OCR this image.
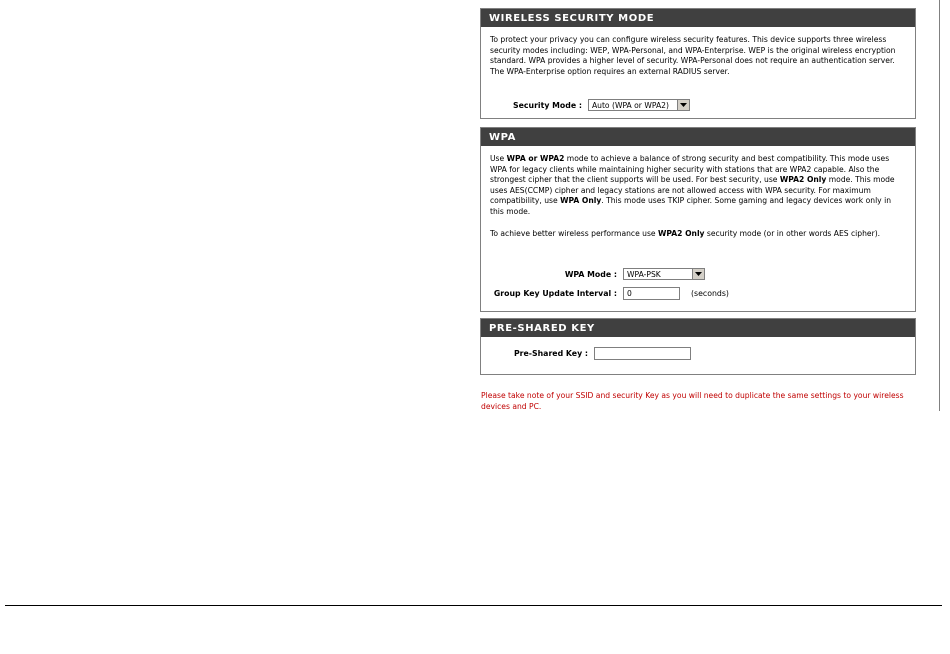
WIRELESS SECURITY MODE
To protect your privacy you can configure wireless security features. This device supports three wireless security modes including: WEP, WPA-Personal, and WPA-Enterprise. WEP is the original wireless encryption standard. WPA provides a higher level of security. WPA-Personal does not require an authentication server. The WPA-Enterprise option requires an external RADIUS server.
Security Mode :	Auto (WPA or WPA2)
WPA
Use WPA or WPA2 mode to achieve a balance of strong security and best compatibility. This mode uses WPA for legacy clients while maintaining higher security with stations that are WPA2 capable. Also the strongest cipher that the client supports will be used. For best security, use WPA2 Only mode. This mode uses AES(CCMP) cipher and legacy stations are not allowed access with WPA security. For maximum compatibility, use WPA Only. This mode uses TKIP cipher. Some gaming and legacy devices work only in this mode.
To achieve better wireless performance use WPA2 Only security mode (or in other words AES cipher).
WPA Mode :	WPA-PSK
Group Key Update Interval :	0	(seconds)
PRE-SHARED KEY
Pre-Shared Key :
Please take note of your SSID and security Key as you will need to duplicate the same settings to your wireless devices and PC.
